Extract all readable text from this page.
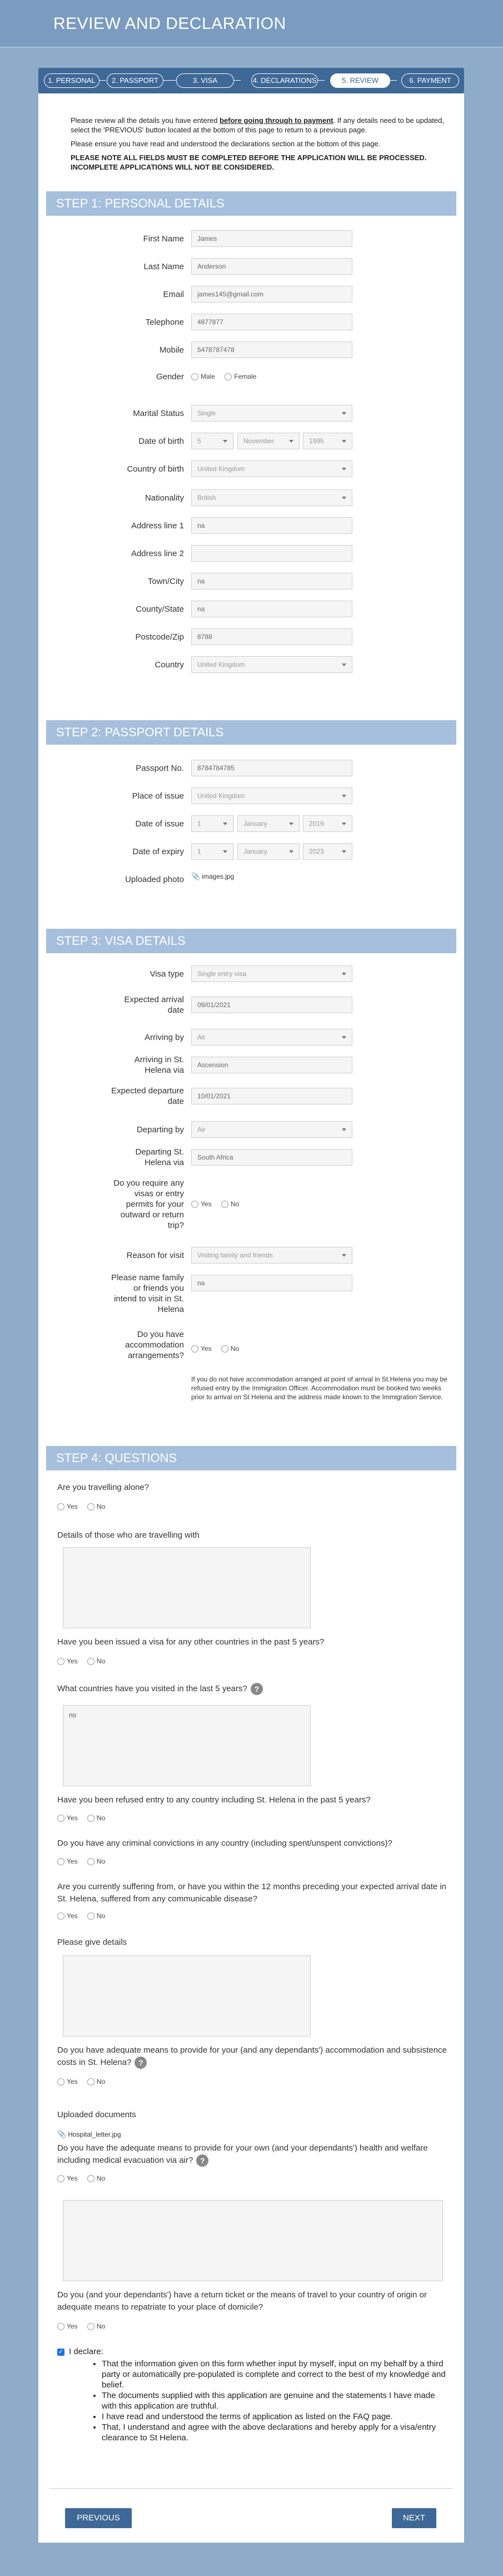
REVIEW AND DECLARATION
1. PERSONAL	2. PASSPORT	3. VISA	4. DECLARATIONS	5. REVIEW	6. PAYMENT

Please review all the details you have entered before going through to payment. If any details need to be updated, select the 'PREVIOUS' button located at the bottom of this page to return to a previous page.

Please ensure you have read and understood the declarations section at the bottom of this page.

PLEASE NOTE ALL FIELDS MUST BE COMPLETED BEFORE THE APPLICATION WILL BE PROCESSED. INCOMPLETE APPLICATIONS WILL NOT BE CONSIDERED.

STEP 1: PERSONAL DETAILS
First Name	James
Last Name	Anderson
Email	james145@gmail.com
Telephone	4877877
Mobile	5478787478
Gender	Male	Female
Marital Status	Single
Date of birth	5	November	1995
Country of birth	United Kingdom
Nationality	British
Address line 1	na
Address line 2
Town/City	na
County/State	na
Postcode/Zip	8788
Country	United Kingdom
STEP 2: PASSPORT DETAILS
Passport No.	8784784785
Place of issue	United Kingdom
Date of issue	1	January	2019
Date of expiry	1	January	2023
Uploaded photo 📎 images.jpg
STEP 3: VISA DETAILS
Visa type	Single entry visa
Expected arrival date
09/01/2021
Arriving by	Air
Arriving in St. Helena via
Ascension
Expected departure date
10/01/2021
Departing by	Air
Departing St. Helena via
South Africa
Do you require any visas or entry permits for your outward or return trip?
Yes	No
Reason for visit	Visiting family and friends
Please name family or friends you intend to visit in St. Helena
na
Do you have accommodation arrangements?
Yes	No
If you do not have accommodation arranged at point of arrival in St.Helena you may be refused entry by the Immigration Officer. Accommodation must be booked two weeks prior to arrival on St Helena and the address made known to the Immigration Service.
STEP 4: QUESTIONS
Are you travelling alone?
Yes	No
Details of those who are travelling with
Have you been issued a visa for any other countries in the past 5 years?
Yes	No
What countries have you visited in the last 5 years? ?
no
Have you been refused entry to any country including St. Helena in the past 5 years?
Yes	No
Do you have any criminal convictions in any country (including spent/unspent convictions)?
Yes	No
Are you currently suffering from, or have you within the 12 months preceding your expected arrival date in St. Helena, suffered from any communicable disease?
Yes	No
Please give details
Do you have adequate means to provide for your (and any dependants') accommodation and subsistence costs in St. Helena? ?
Yes	No
Uploaded documents
📎 Hospital_letter.jpg
Do you have the adequate means to provide for your own (and your dependants') health and welfare including medical evacuation via air? ?
Yes	No
Do you (and your dependants') have a return ticket or the means of travel to your country of origin or adequate means to repatriate to your place of domicile?
Yes	No
✓ I declare:
• That the information given on this form whether input by myself, input on my behalf by a third party or automatically pre-populated is complete and correct to the best of my knowledge and belief.
• The documents supplied with this application are genuine and the statements I have made with this application are truthful.
• I have read and understood the terms of application as listed on the FAQ page.
• That, I understand and agree with the above declarations and hereby apply for a visa/entry clearance to St Helena.
PREVIOUS	NEXT
